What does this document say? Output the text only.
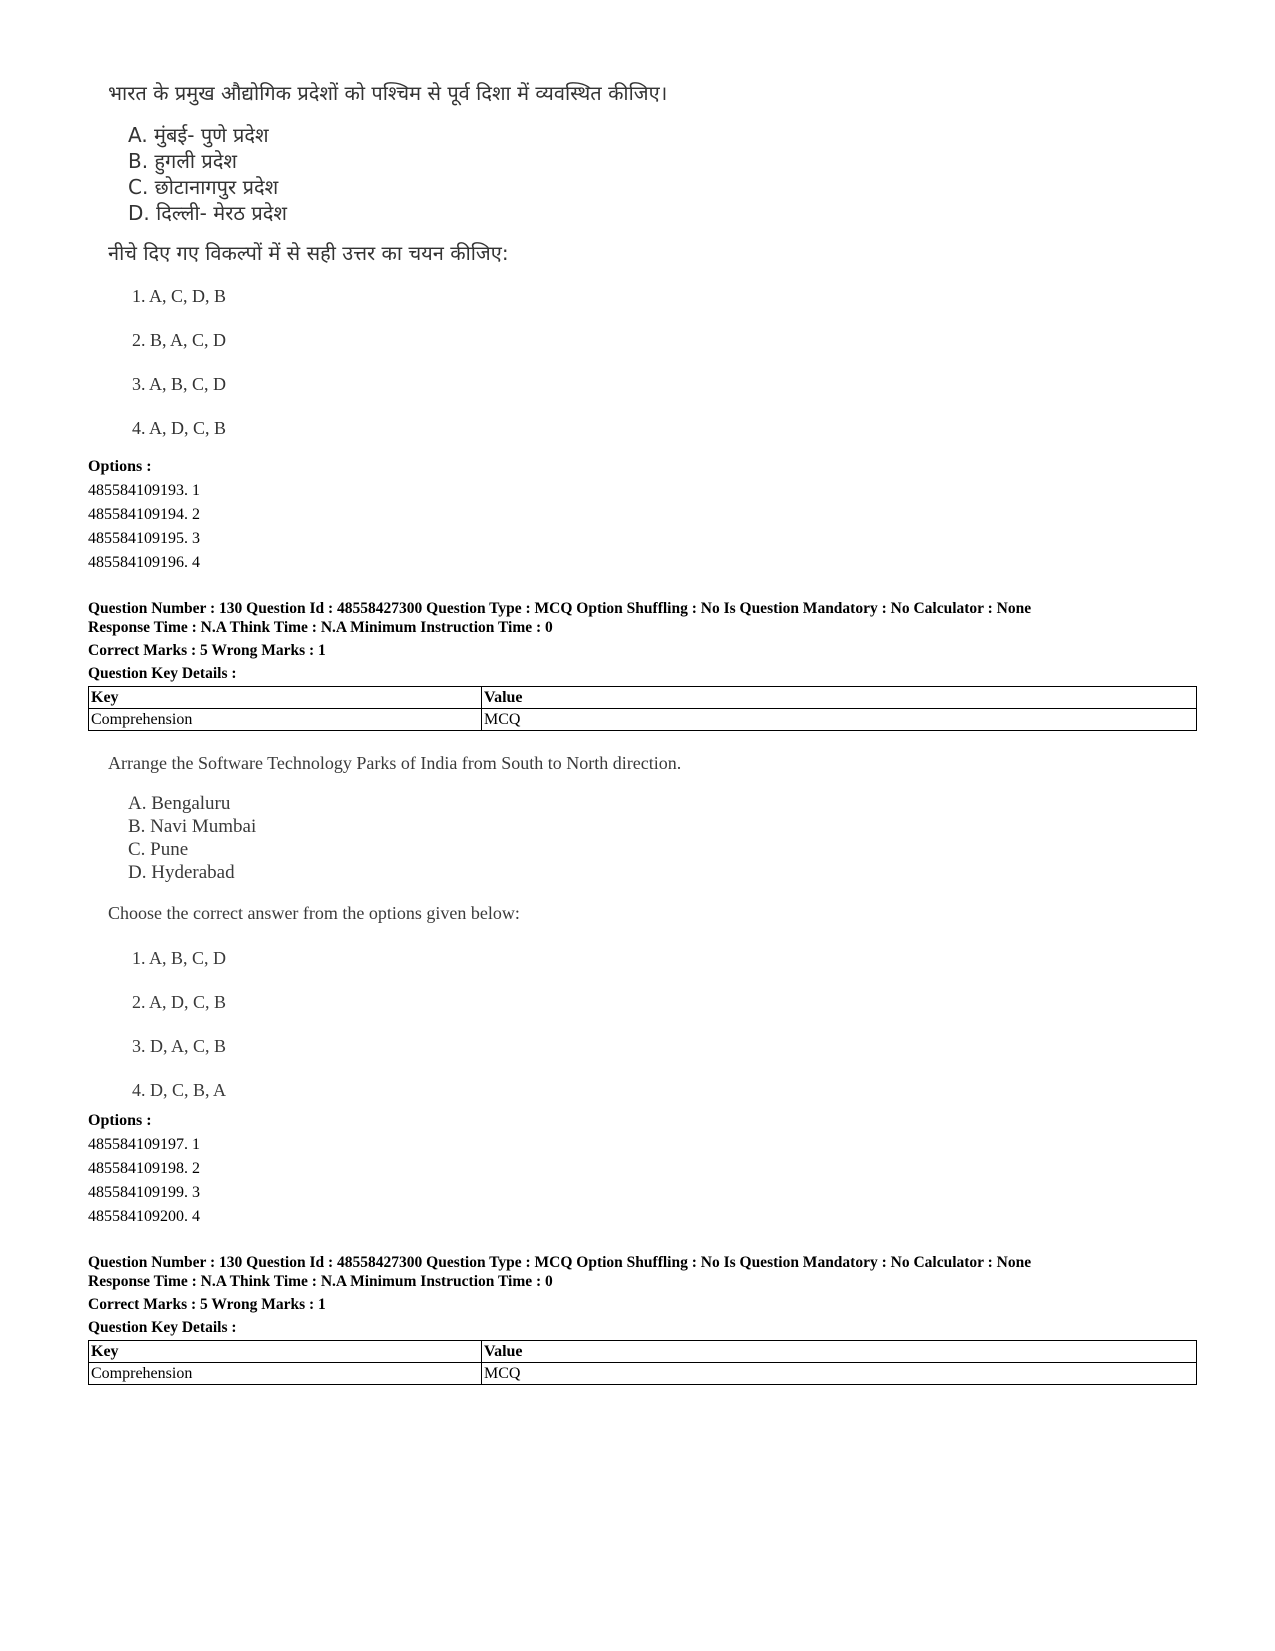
भारत के प्रमुख औद्योगिक प्रदेशों को पश्चिम से पूर्व दिशा में व्यवस्थित कीजिए।
A. मुंबई- पुणे प्रदेश
B. हुगली प्रदेश
C. छोटानागपुर प्रदेश
D. दिल्ली- मेरठ प्रदेश
नीचे दिए गए विकल्पों में से सही उत्तर का चयन कीजिए:
1. A, C, D, B
2. B, A, C, D
3. A, B, C, D
4. A, D, C, B
Options :
485584109193. 1
485584109194. 2
485584109195. 3
485584109196. 4
Question Number : 130 Question Id : 48558427300 Question Type : MCQ Option Shuffling : No Is Question Mandatory : No Calculator : None
Response Time : N.A Think Time : N.A Minimum Instruction Time : 0
Correct Marks : 5 Wrong Marks : 1
Question Key Details :
Key	Value
Comprehension	MCQ
Arrange the Software Technology Parks of India from South to North direction.
A. Bengaluru
B. Navi Mumbai
C. Pune
D. Hyderabad
Choose the correct answer from the options given below:
1. A, B, C, D
2. A, D, C, B
3. D, A, C, B
4. D, C, B, A
Options :
485584109197. 1
485584109198. 2
485584109199. 3
485584109200. 4
Question Number : 130 Question Id : 48558427300 Question Type : MCQ Option Shuffling : No Is Question Mandatory : No Calculator : None
Response Time : N.A Think Time : N.A Minimum Instruction Time : 0
Correct Marks : 5 Wrong Marks : 1
Question Key Details :
Key	Value
Comprehension	MCQ
